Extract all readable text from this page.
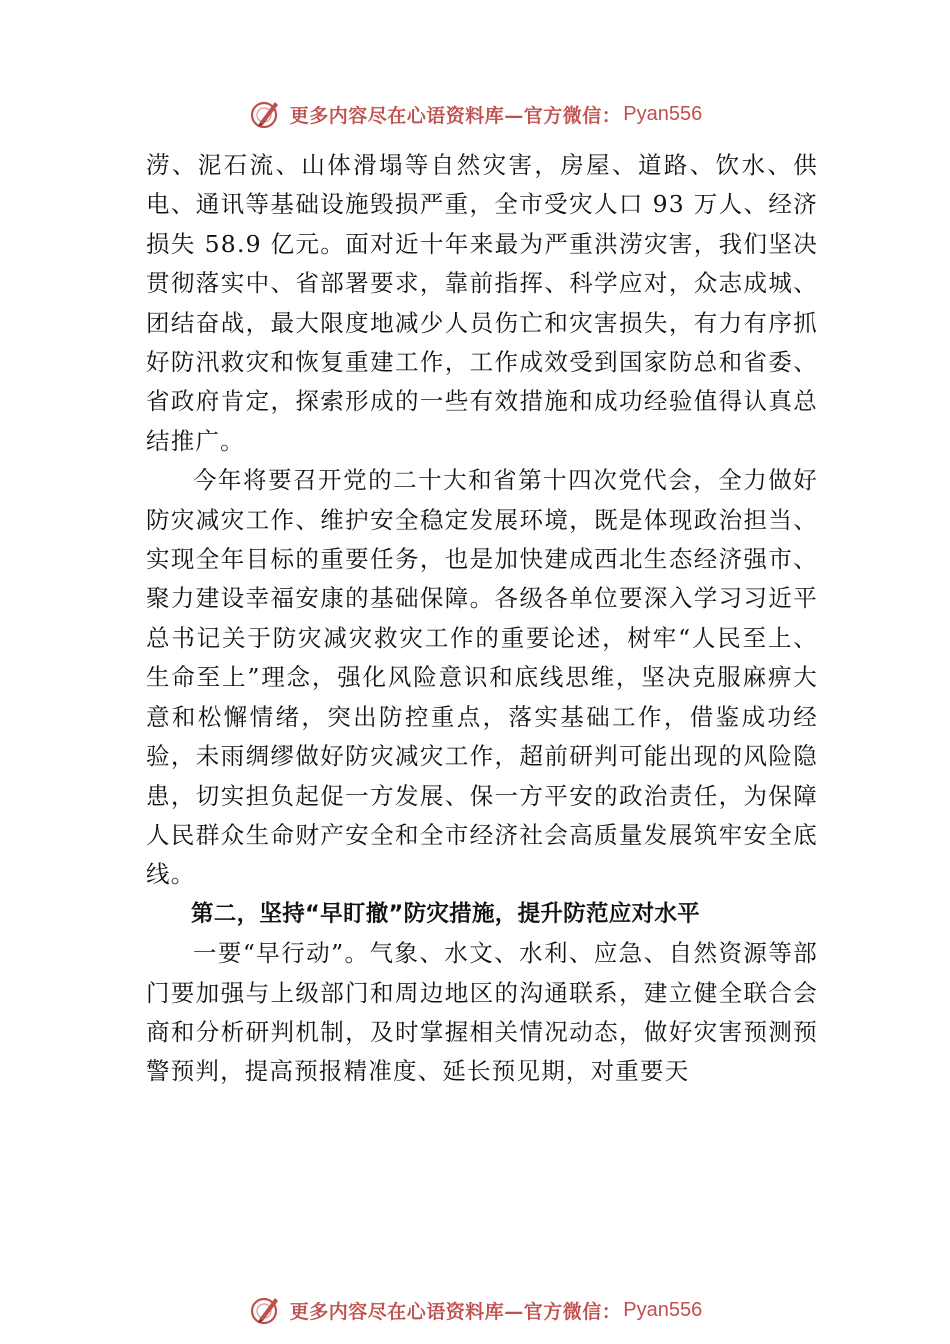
更多内容尽在心语资料库—官方微信： Pyan556

涝、泥石流、山体滑塌等自然灾害，房屋、道路、饮水、供电、通讯等基础设施毁损严重，全市受灾人口 93 万人、经济损失 58.9 亿元。面对近十年来最为严重洪涝灾害，我们坚决贯彻落实中、省部署要求，靠前指挥、科学应对，众志成城、团结奋战，最大限度地减少人员伤亡和灾害损失，有力有序抓好防汛救灾和恢复重建工作，工作成效受到国家防总和省委、省政府肯定，探索形成的一些有效措施和成功经验值得认真总结推广。

今年将要召开党的二十大和省第十四次党代会，全力做好防灾减灾工作、维护安全稳定发展环境，既是体现政治担当、实现全年目标的重要任务，也是加快建成西北生态经济强市、聚力建设幸福安康的基础保障。各级各单位要深入学习习近平总书记关于防灾减灾救灾工作的重要论述，树牢“人民至上、生命至上”理念，强化风险意识和底线思维，坚决克服麻痹大意和松懈情绪，突出防控重点，落实基础工作，借鉴成功经验，未雨绸缪做好防灾减灾工作，超前研判可能出现的风险隐患，切实担负起促一方发展、保一方平安的政治责任，为保障人民群众生命财产安全和全市经济社会高质量发展筑牢安全底线。

第二，坚持“早盯撤”防灾措施，提升防范应对水平

一要“早行动”。气象、水文、水利、应急、自然资源等部门要加强与上级部门和周边地区的沟通联系，建立健全联合会商和分析研判机制，及时掌握相关情况动态，做好灾害预测预警预判，提高预报精准度、延长预见期，对重要天

更多内容尽在心语资料库—官方微信： Pyan556
